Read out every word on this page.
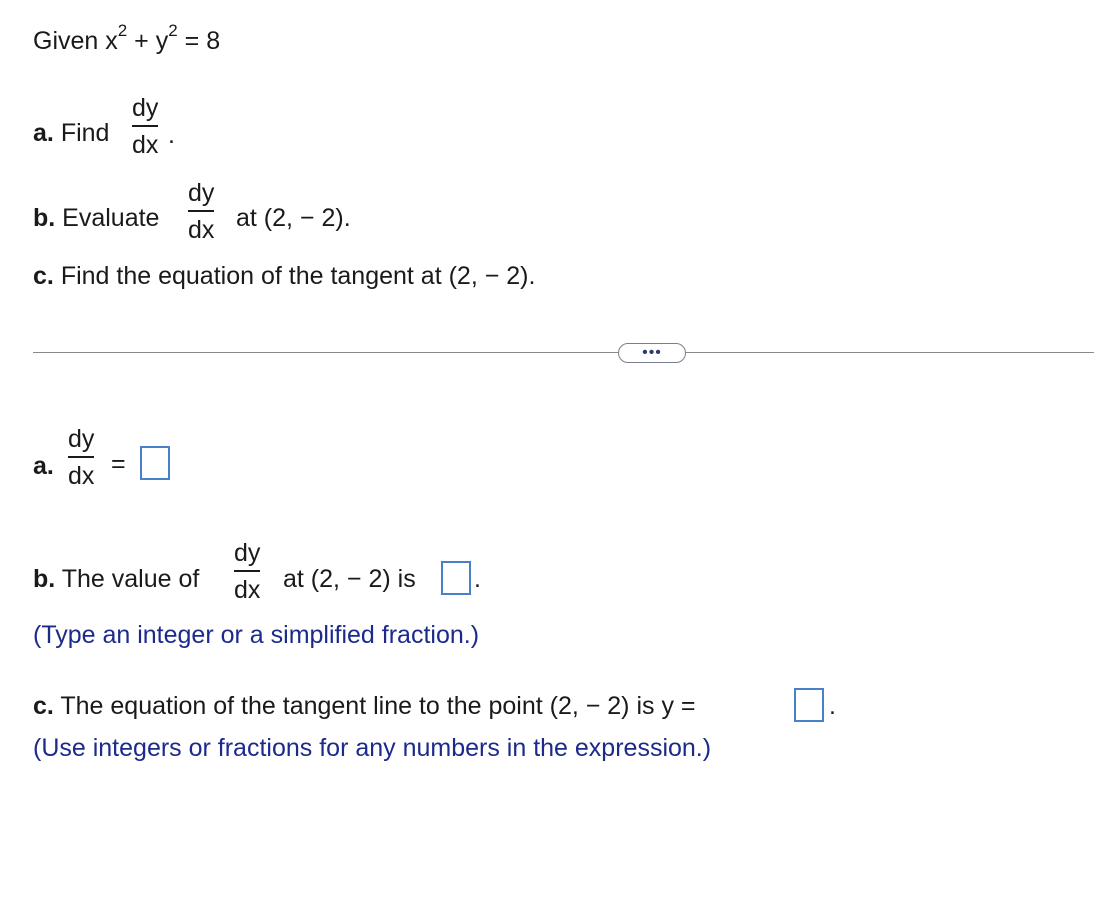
Given $x^2 + y^2 = 8$
a. Find
dy
dx .
b. Evaluate
dy
dx at (2, − 2).
c. Find the equation of the tangent at (2, − 2).
•••
a.
dy
dx =
b. The value of
dy
dx at (2, − 2) is .
(Type an integer or a simplified fraction.)
c. The equation of the tangent line to the point (2, − 2) is y =	.
(Use integers or fractions for any numbers in the expression.)
